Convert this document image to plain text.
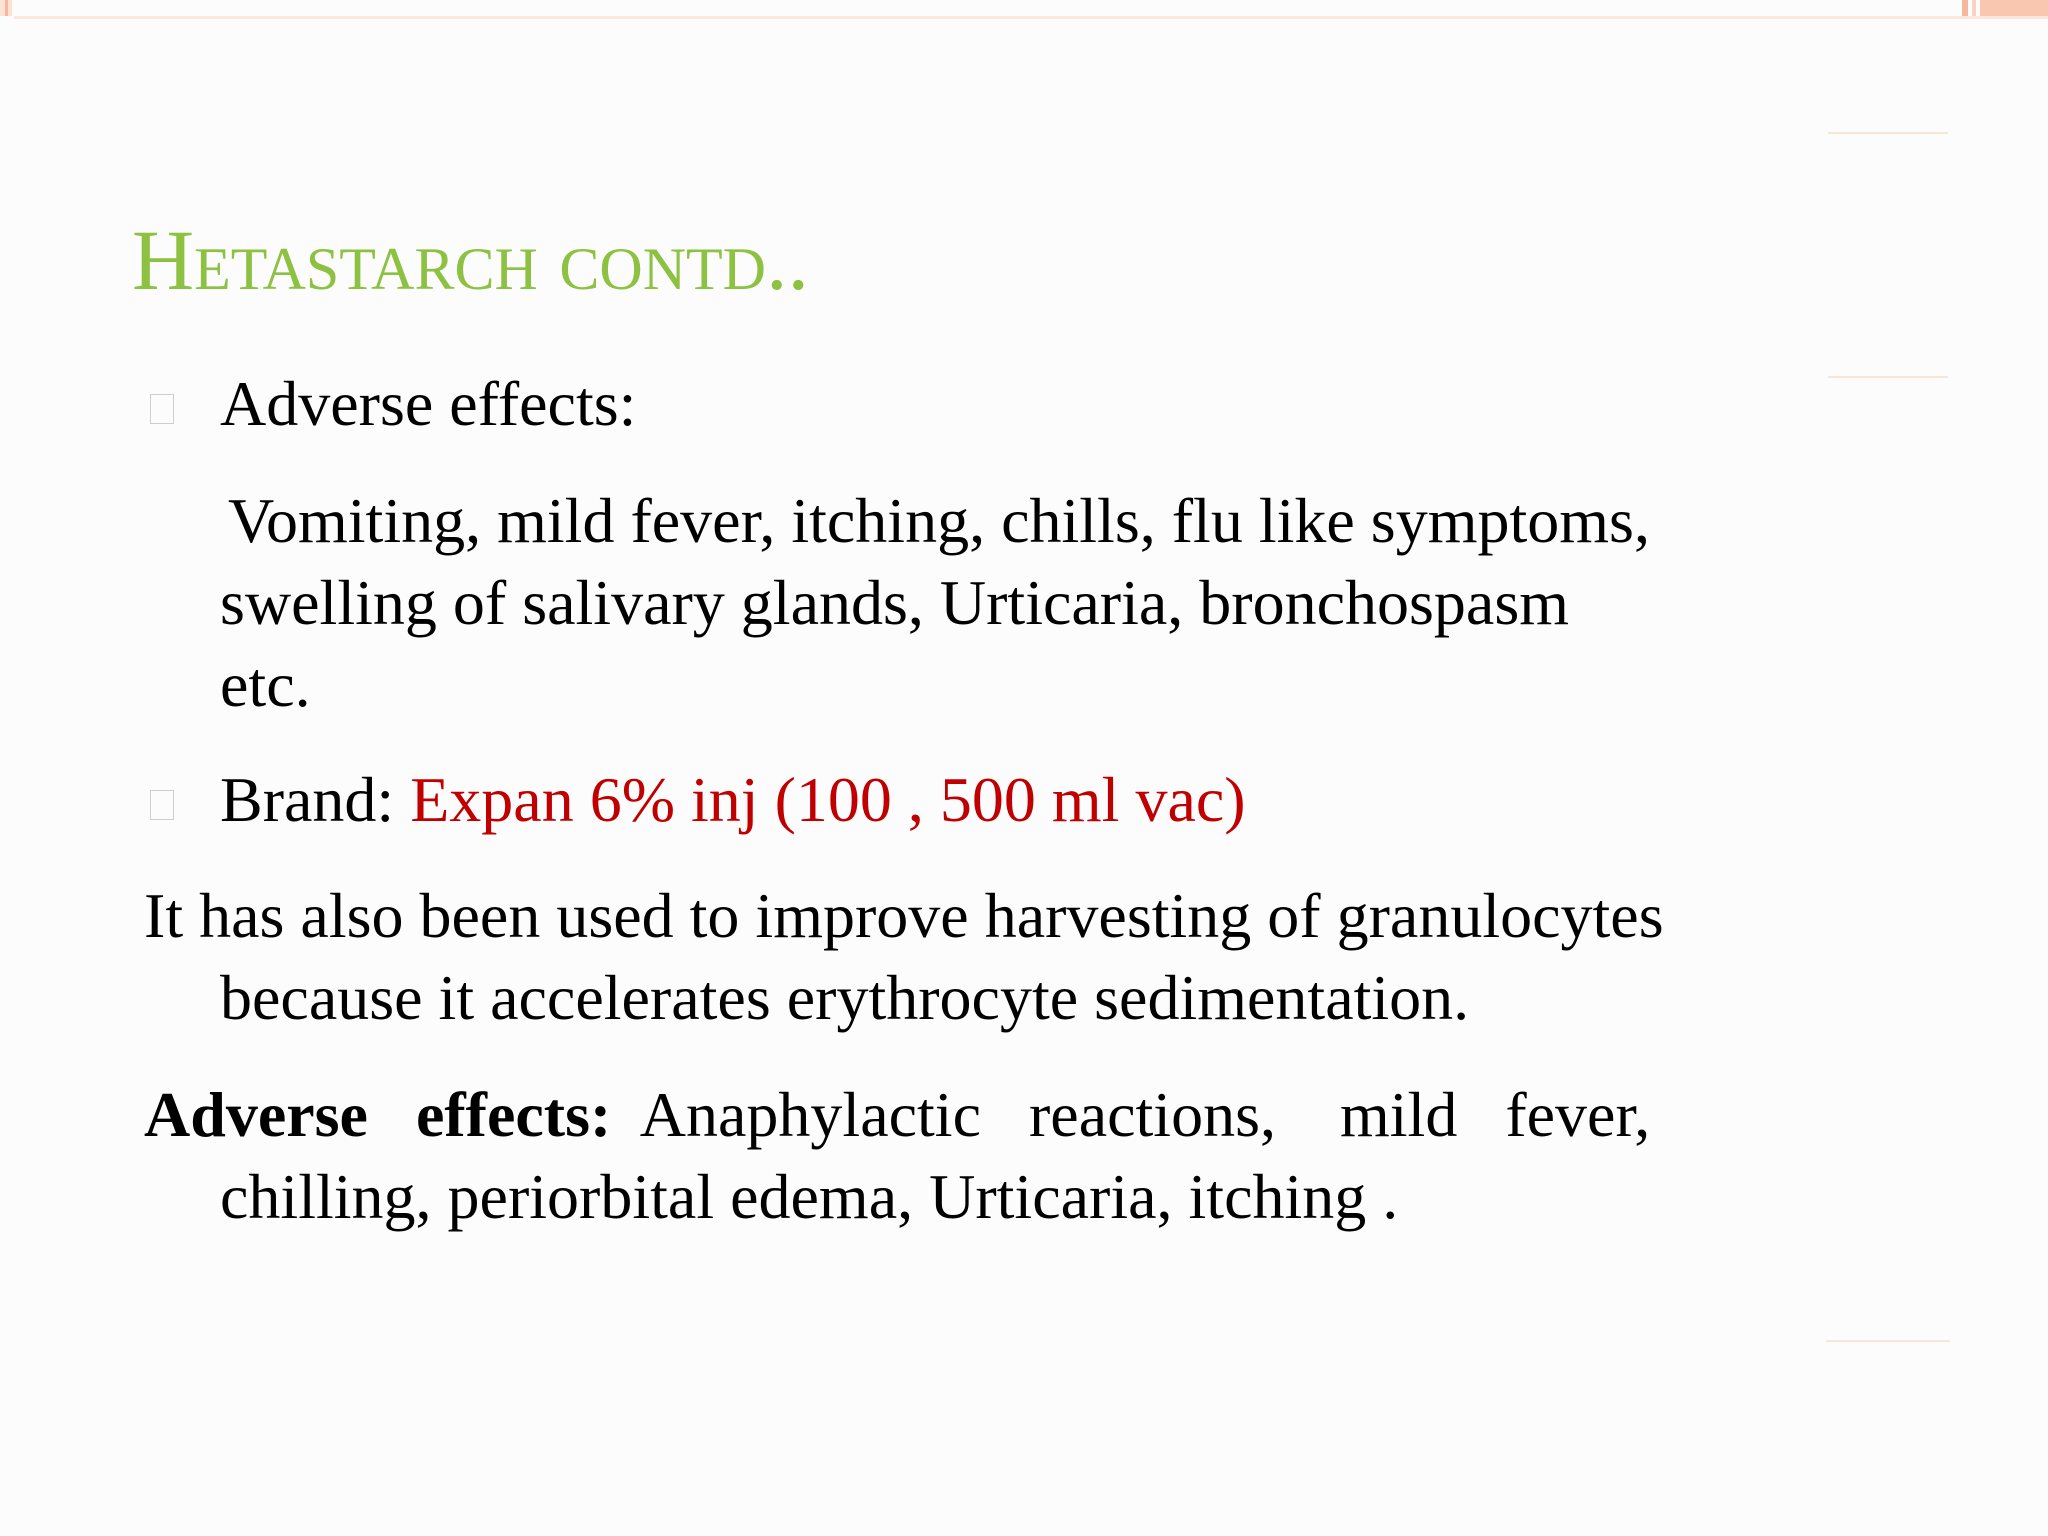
Hetastarch contd..
Adverse effects:
Vomiting, mild fever, itching, chills, flu like symptoms,
swelling of salivary glands, Urticaria, bronchospasm
etc.
Brand: Expan 6% inj (100 , 500 ml vac)
It has also been used to improve harvesting of granulocytes
because it accelerates erythrocyte sedimentation.
Adverse   effects:  Anaphylactic   reactions,    mild   fever,
chilling, periorbital edema, Urticaria, itching .
